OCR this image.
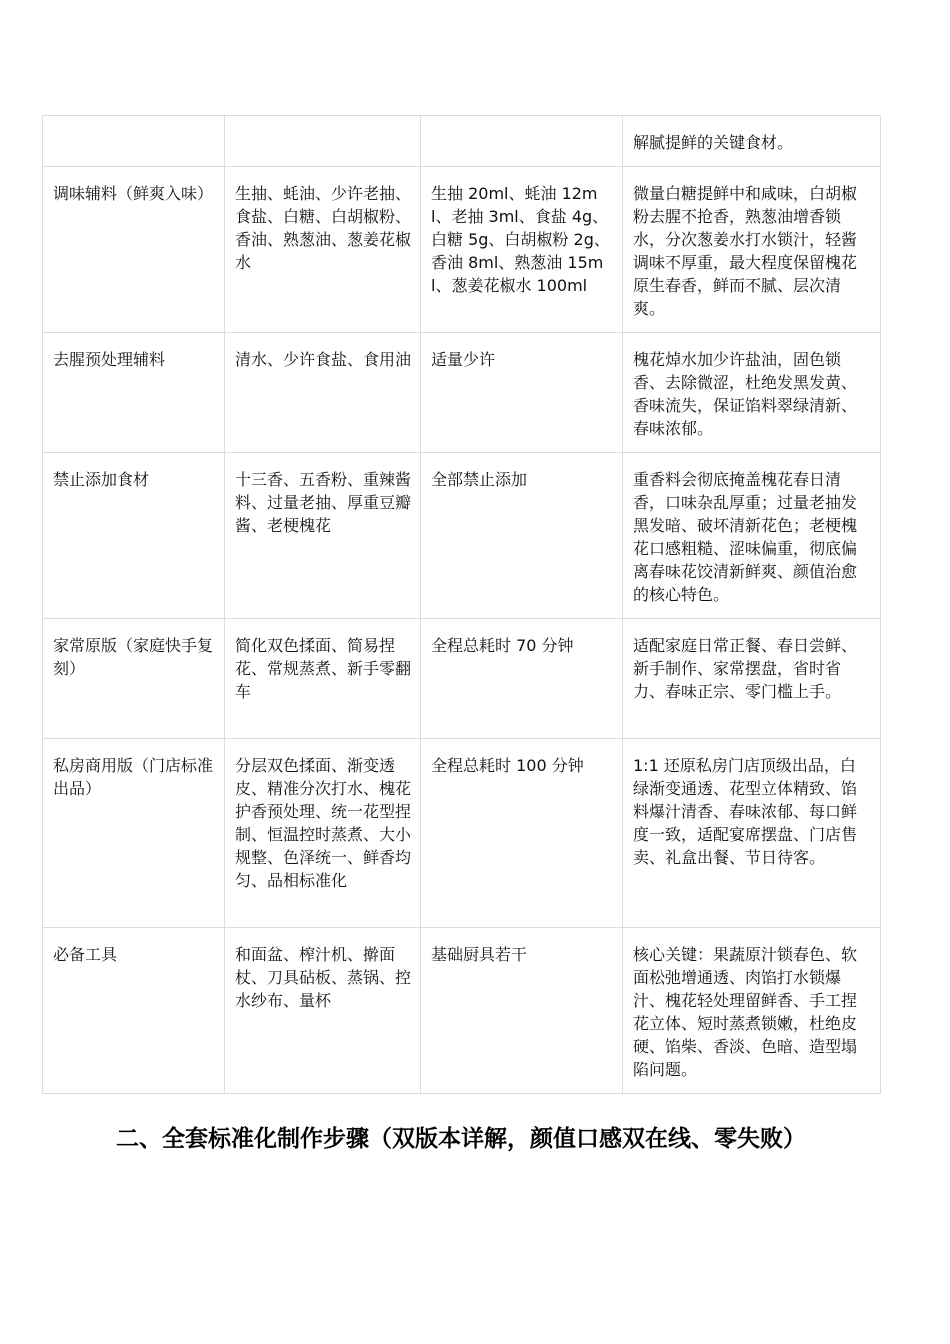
			解腻提鲜的关键食材。
调味辅料（鲜爽入味）	生抽、蚝油、少许老抽、食盐、白糖、白胡椒粉、香油、熟葱油、葱姜花椒水	生抽 20ml、蚝油 12ml、老抽 3ml、食盐 4g、白糖 5g、白胡椒粉 2g、香油 8ml、熟葱油 15ml、葱姜花椒水 100ml	微量白糖提鲜中和咸味，白胡椒粉去腥不抢香，熟葱油增香锁水，分次葱姜水打水锁汁，轻酱调味不厚重，最大程度保留槐花原生春香，鲜而不腻、层次清爽。
去腥预处理辅料	清水、少许食盐、食用油	适量少许	槐花焯水加少许盐油，固色锁香、去除微涩，杜绝发黑发黄、香味流失，保证馅料翠绿清新、春味浓郁。
禁止添加食材	十三香、五香粉、重辣酱料、过量老抽、厚重豆瓣酱、老梗槐花	全部禁止添加	重香料会彻底掩盖槐花春日清香，口味杂乱厚重；过量老抽发黑发暗、破坏清新花色；老梗槐花口感粗糙、涩味偏重，彻底偏离春味花饺清新鲜爽、颜值治愈的核心特色。
家常原版（家庭快手复刻）	简化双色揉面、简易捏花、常规蒸煮、新手零翻车	全程总耗时 70 分钟	适配家庭日常正餐、春日尝鲜、新手制作、家常摆盘，省时省力、春味正宗、零门槛上手。
私房商用版（门店标准出品）	分层双色揉面、渐变透皮、精准分次打水、槐花护香预处理、统一花型捏制、恒温控时蒸煮、大小规整、色泽统一、鲜香均匀、品相标准化	全程总耗时 100 分钟	1:1 还原私房门店顶级出品，白绿渐变通透、花型立体精致、馅料爆汁清香、春味浓郁、每口鲜度一致，适配宴席摆盘、门店售卖、礼盒出餐、节日待客。
必备工具	和面盆、榨汁机、擀面杖、刀具砧板、蒸锅、控水纱布、量杯	基础厨具若干	核心关键：果蔬原汁锁春色、软面松弛增通透、肉馅打水锁爆汁、槐花轻处理留鲜香、手工捏花立体、短时蒸煮锁嫩，杜绝皮硬、馅柴、香淡、色暗、造型塌陷问题。
二、全套标准化制作步骤（双版本详解，颜值口感双在线、零失败）
